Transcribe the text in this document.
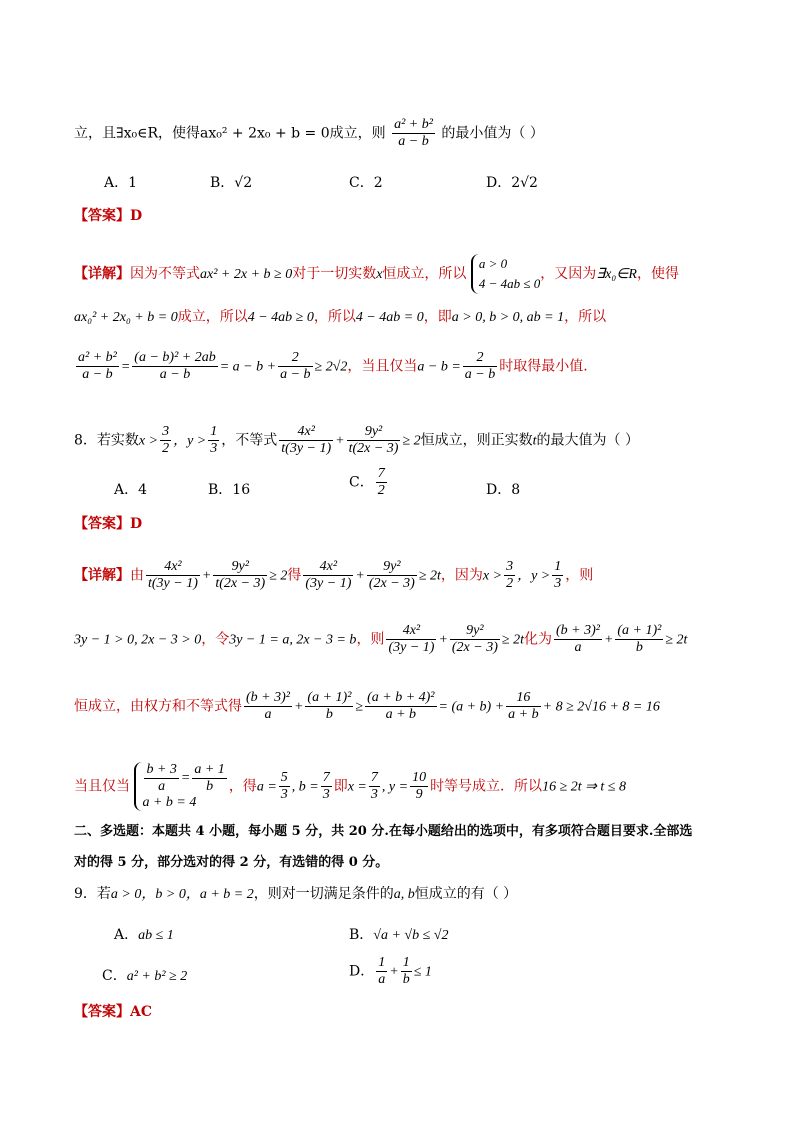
立，且∃x₀∈R，使得ax₀² + 2x₀ + b = 0成立，则 $\frac{\text{a² + b²}}{a - b}$ 的最小值为（ ）
A．1	B．√2	C．2	D．2√2
【答案】D
【详解】因为不等式ax² + 2x + b ≥ 0对于一切实数x恒成立，所以
a > 0
4 − 4ab ≤ 0
，又因为∃x₀∈R，使得
ax₀² + 2x₀ + b = 0成立，所以4 − 4ab ≥ 0，所以4 − 4ab = 0，即a > 0, b > 0, ab = 1，所以
$\frac{\text{a² + b²}}{a - b} = \frac{\text{(a − b)² + 2ab}}{a - b} = a - b + \frac{2}{a - b} \ge 2√2$，当且仅当$a - b = \frac{2}{a - b}$ 时取得最小值.
8．若实数$x > \frac{3}{2}$ ，$y > \frac{1}{3}$ ，不等式 $\frac{\text{4x²}}{t(3y - 1)} + \frac{\text{9y²}}{t(2x - 3)} \ge 2$恒成立，则正实数t的最大值为（ ）
A．4	B．16	C． $\frac{7}{2}$	D．8
【答案】D
【详解】由 $\frac{\text{4x²}}{t(3y - 1)} + \frac{\text{9y²}}{t(2x - 3)} \ge 2$得 $\frac{\text{4x²}}{(3y - 1)} + \frac{\text{9y²}}{(2x - 3)} \ge 2t$，因为$x > \frac{3}{2}$ ，$y > \frac{1}{3}$ ，则
3y − 1 > 0, 2x − 3 > 0，令3y − 1 = a, 2x − 3 = b，则 $\frac{\text{4x²}}{(3y - 1)} + \frac{\text{9y²}}{(2x - 3)} \ge 2t$化为 $\frac{\text{(b + 3)²}}{a} + \frac{\text{(a + 1)²}}{b} \ge 2t$
恒成立，由权方和不等式得 $\frac{\text{(b + 3)²}}{a} + \frac{\text{(a + 1)²}}{b} \ge \frac{\text{(a + b + 4)²}}{a + b} = (a + b) + \frac{16}{a + b} + 8 \ge 2√16 + 8 = 16$
当且仅当 $\frac{b + 3}{a} = \frac{a + 1}{b}$
a + b = 4
，得$a = \frac{5}{3}$ , $b = \frac{7}{3}$ 即$x = \frac{7}{3}$ , $y = \frac{10}{9}$ 时等号成立．所以16 ≥ 2t ⇒ t ≤ 8
二、多选题：本题共 4 小题，每小题 5 分，共 20 分.在每小题给出的选项中，有多项符合题目要求.全部选
对的得 5 分，部分选对的得 2 分，有选错的得 0 分。
9．若a > 0，b > 0，a + b = 2，则对一切满足条件的a, b恒成立的有（ ）
A．ab ≤ 1	B．√a + √b ≤ √2
C．a² + b² ≥ 2	D． $\frac{1}{a} + \frac{1}{b} \le 1$
【答案】AC
